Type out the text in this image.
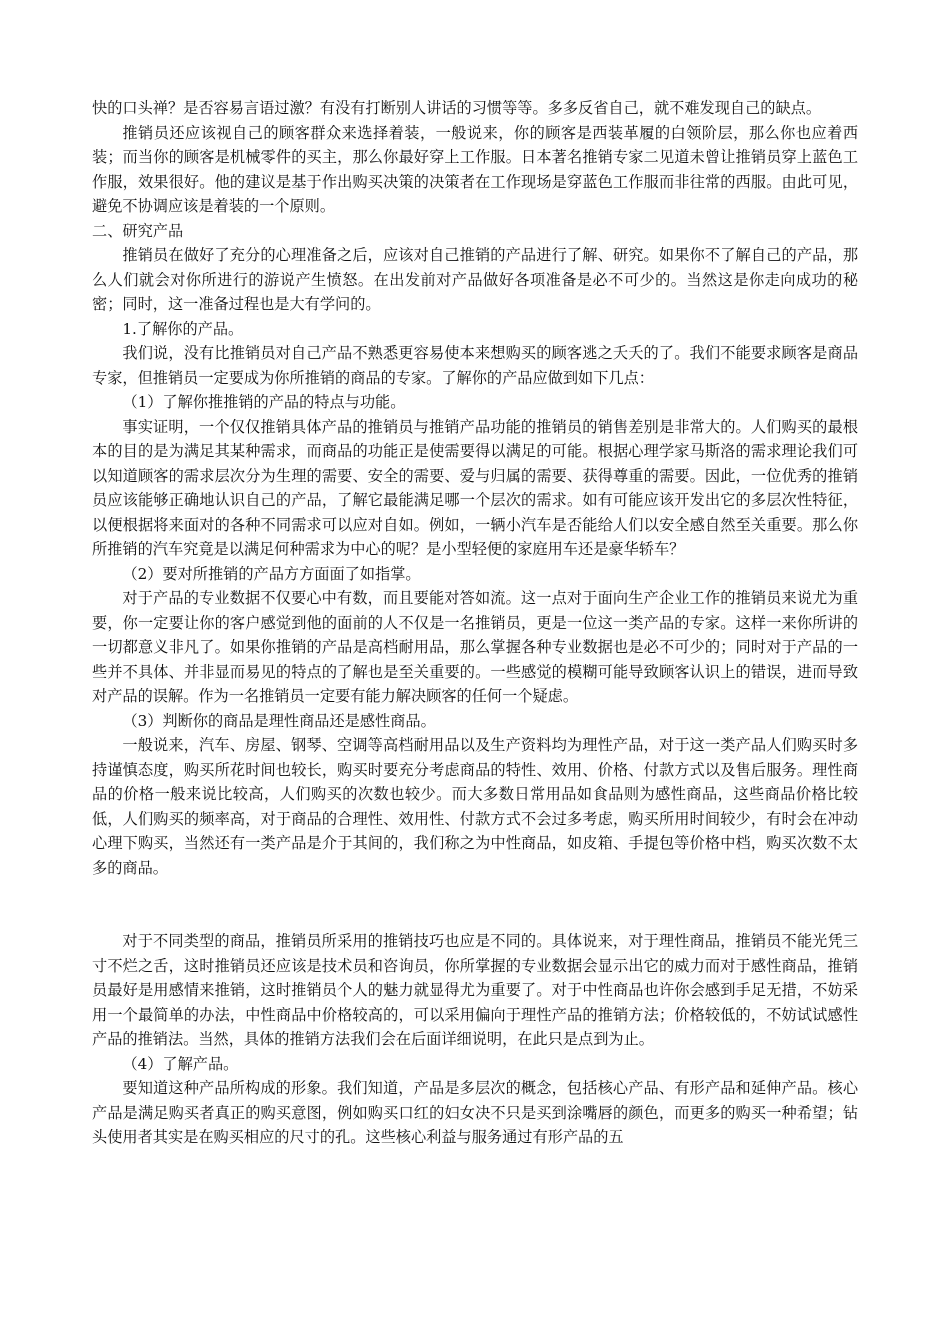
快的口头禅？是否容易言语过激？有没有打断别人讲话的习惯等等。多多反省自己，就不难发现自己的缺点。

推销员还应该视自己的顾客群众来选择着装，一般说来，你的顾客是西装革履的白领阶层，那么你也应着西装；而当你的顾客是机械零件的买主，那么你最好穿上工作服。日本著名推销专家二见道未曾让推销员穿上蓝色工作服，效果很好。他的建议是基于作出购买决策的决策者在工作现场是穿蓝色工作服而非往常的西服。由此可见，避免不协调应该是着装的一个原则。

二、研究产品

推销员在做好了充分的心理准备之后，应该对自己推销的产品进行了解、研究。如果你不了解自己的产品，那么人们就会对你所进行的游说产生愤怒。在出发前对产品做好各项准备是必不可少的。当然这是你走向成功的秘密；同时，这一准备过程也是大有学问的。

1.了解你的产品。

我们说，没有比推销员对自己产品不熟悉更容易使本来想购买的顾客逃之夭夭的了。我们不能要求顾客是商品专家，但推销员一定要成为你所推销的商品的专家。了解你的产品应做到如下几点：

（1）了解你推推销的产品的特点与功能。

事实证明，一个仅仅推销具体产品的推销员与推销产品功能的推销员的销售差别是非常大的。人们购买的最根本的目的是为满足其某种需求，而商品的功能正是使需要得以满足的可能。根据心理学家马斯洛的需求理论我们可以知道顾客的需求层次分为生理的需要、安全的需要、爱与归属的需要、获得尊重的需要。因此，一位优秀的推销员应该能够正确地认识自己的产品，了解它最能满足哪一个层次的需求。如有可能应该开发出它的多层次性特征，以便根据将来面对的各种不同需求可以应对自如。例如，一辆小汽车是否能给人们以安全感自然至关重要。那么你所推销的汽车究竟是以满足何种需求为中心的呢？是小型轻便的家庭用车还是豪华轿车？

（2）要对所推销的产品方方面面了如指掌。

对于产品的专业数据不仅要心中有数，而且要能对答如流。这一点对于面向生产企业工作的推销员来说尤为重要，你一定要让你的客户感觉到他的面前的人不仅是一名推销员，更是一位这一类产品的专家。这样一来你所讲的一切都意义非凡了。如果你推销的产品是高档耐用品，那么掌握各种专业数据也是必不可少的；同时对于产品的一些并不具体、并非显而易见的特点的了解也是至关重要的。一些感觉的模糊可能导致顾客认识上的错误，进而导致对产品的误解。作为一名推销员一定要有能力解决顾客的任何一个疑虑。

（3）判断你的商品是理性商品还是感性商品。

一般说来，汽车、房屋、钢琴、空调等高档耐用品以及生产资料均为理性产品，对于这一类产品人们购买时多持谨慎态度，购买所花时间也较长，购买时要充分考虑商品的特性、效用、价格、付款方式以及售后服务。理性商品的价格一般来说比较高，人们购买的次数也较少。而大多数日常用品如食品则为感性商品，这些商品价格比较低，人们购买的频率高，对于商品的合理性、效用性、付款方式不会过多考虑，购买所用时间较少，有时会在冲动心理下购买，当然还有一类产品是介于其间的，我们称之为中性商品，如皮箱、手提包等价格中档，购买次数不太多的商品。

对于不同类型的商品，推销员所采用的推销技巧也应是不同的。具体说来，对于理性商品，推销员不能光凭三寸不烂之舌，这时推销员还应该是技术员和咨询员，你所掌握的专业数据会显示出它的威力而对于感性商品，推销员最好是用感情来推销，这时推销员个人的魅力就显得尤为重要了。对于中性商品也许你会感到手足无措，不妨采用一个最简单的办法，中性商品中价格较高的，可以采用偏向于理性产品的推销方法；价格较低的，不妨试试感性产品的推销法。当然，具体的推销方法我们会在后面详细说明，在此只是点到为止。

（4）了解产品。

要知道这种产品所构成的形象。我们知道，产品是多层次的概念，包括核心产品、有形产品和延伸产品。核心产品是满足购买者真正的购买意图，例如购买口红的妇女决不只是买到涂嘴唇的颜色，而更多的购买一种希望；钻头使用者其实是在购买相应的尺寸的孔。这些核心利益与服务通过有形产品的五
